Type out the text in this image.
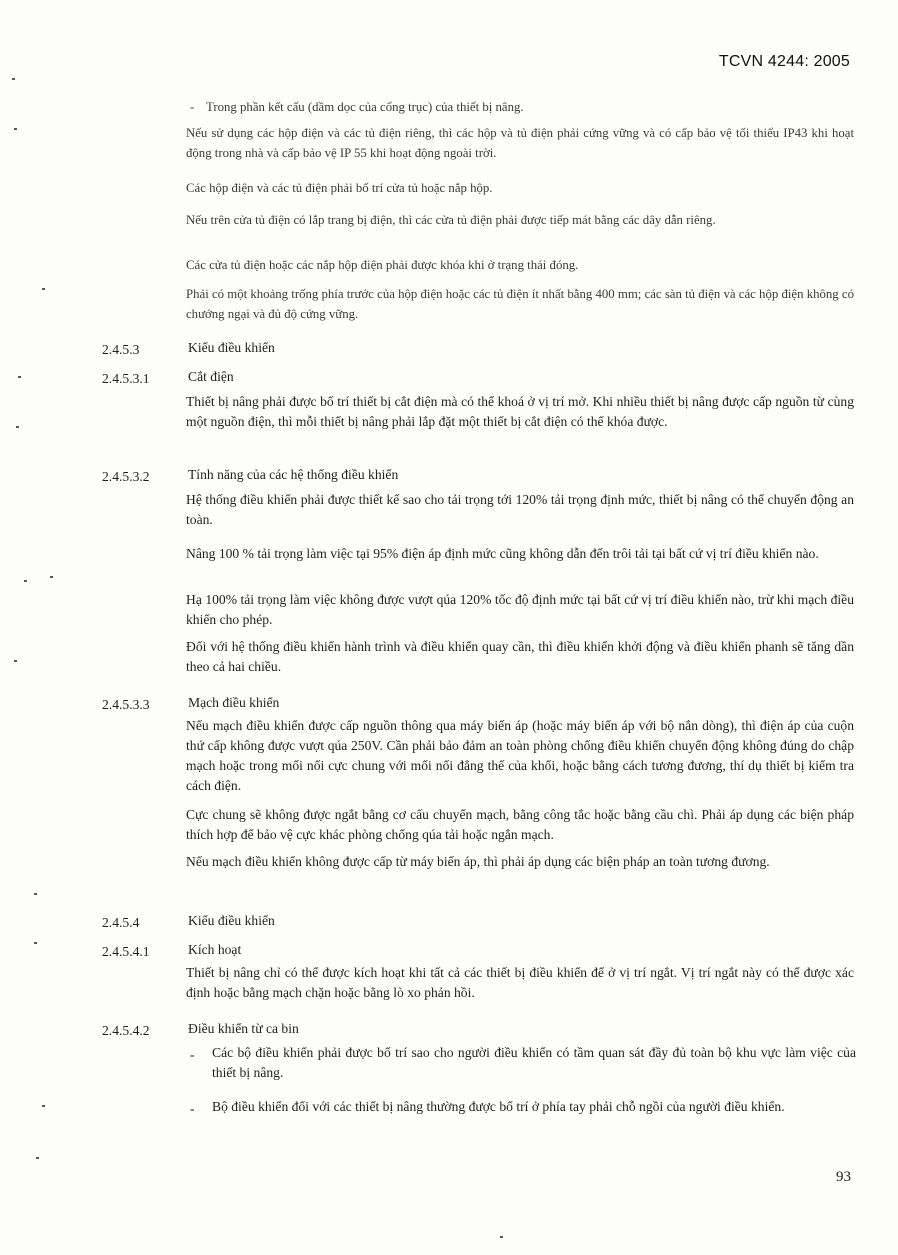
TCVN 4244: 2005

- Trong phần kết cấu (dầm dọc của cổng trục) của thiết bị nâng.

Nếu sử dụng các hộp điện và các tủ điện riêng, thì các hộp và tủ điện phải cứng vững và có cấp bảo vệ tối thiểu IP43 khi hoạt động trong nhà và cấp bảo vệ IP 55 khi hoạt động ngoài trời.

Các hộp điện và các tủ điện phải bố trí cửa tủ hoặc nắp hộp.

Nếu trên cửa tủ điện có lắp trang bị điện, thì các cửa tủ điện phải được tiếp mát bằng các dây dẫn riêng.

Các cửa tủ điện hoặc các nắp hộp điện phải được khóa khi ở trạng thái đóng.

Phải có một khoảng trống phía trước của hộp điện hoặc các tủ điện ít nhất bằng 400 mm; các sàn tủ điện và các hộp điện không có chướng ngại và đủ độ cứng vững.

2.4.5.3	Kiểu điều khiển

2.4.5.3.1	Cắt điện

Thiết bị nâng phải được bố trí thiết bị cắt điện mà có thể khoá ở vị trí mở. Khi nhiều thiết bị nâng được cấp nguồn từ cùng một nguồn điện, thì mỗi thiết bị nâng phải lắp đặt một thiết bị cắt điện có thể khóa được.

2.4.5.3.2	Tính năng của các hệ thống điều khiển

Hệ thống điều khiển phải được thiết kế sao cho tải trọng tới 120% tải trọng định mức, thiết bị nâng có thể chuyển động an toàn.

Nâng 100 % tải trọng làm việc tại 95% điện áp định mức cũng không dẫn đến trôi tải tại bất cứ vị trí điều khiển nào.

Hạ 100% tải trọng làm việc không được vượt qúa 120% tốc độ định mức tại bất cứ vị trí điều khiển nào, trừ khi mạch điều khiển cho phép.

Đối với hệ thống điều khiển hành trình và điều khiển quay cần, thì điều khiển khởi động và điều khiển phanh sẽ tăng dần theo cả hai chiều.

2.4.5.3.3	Mạch điều khiển

Nếu mạch điều khiển được cấp nguồn thông qua máy biến áp (hoặc máy biến áp với bộ nắn dòng), thì điện áp của cuộn thứ cấp không được vượt qúa 250V. Cần phải bảo đảm an toàn phòng chống điều khiển chuyển động không đúng do chập mạch hoặc trong mối nối cực chung với mối nối đẳng thế của khối, hoặc bằng cách tương đương, thí dụ thiết bị kiểm tra cách điện.

Cực chung sẽ không được ngắt bằng cơ cấu chuyển mạch, bằng công tắc hoặc bằng cầu chì. Phải áp dụng các biện pháp thích hợp để bảo vệ cực khác phòng chống qúa tải hoặc ngắn mạch.

Nếu mạch điều khiển không được cấp từ máy biến áp, thì phải áp dụng các biện pháp an toàn tương đương.

2.4.5.4	Kiểu điều khiển

2.4.5.4.1	Kích hoạt

Thiết bị nâng chỉ có thể được kích hoạt khi tất cả các thiết bị điều khiển để ở vị trí ngắt. Vị trí ngắt này có thể được xác định hoặc bằng mạch chặn hoặc bằng lò xo phản hồi.

2.4.5.4.2	Điều khiển từ ca bin

-	Các bộ điều khiển phải được bố trí sao cho người điều khiển có tầm quan sát đầy đủ toàn bộ khu vực làm việc của thiết bị nâng.

-	Bộ điều khiển đối với các thiết bị nâng thường được bố trí ở phía tay phải chỗ ngồi của người điều khiển.

93
